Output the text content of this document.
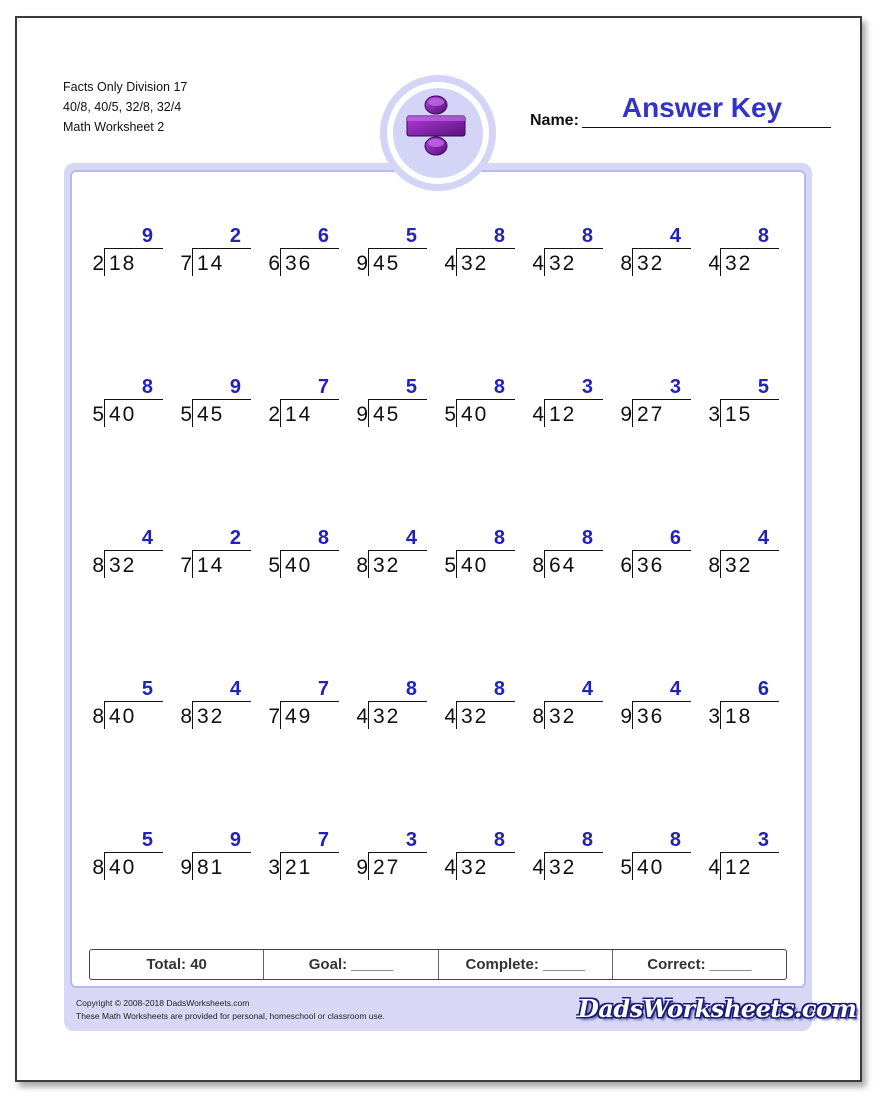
Facts Only Division 17
40/8, 40/5, 32/8, 32/4
Math Worksheet 2	Name:	Answer Key
9
2 18
2
7 14
6
6 36
5
9 45
8
4 32
8
4 32
4
8 32
8
4 32
8
5 40
9
5 45
7
2 14
5
9 45
8
5 40
3
4 12
3
9 27
5
3 15
4
8 32
2
7 14
8
5 40
4
8 32
8
5 40
8
8 64
6
6 36
4
8 32
5
8 40
4
8 32
7
7 49
8
4 32
8
4 32
4
8 32
4
9 36
6
3 18
5
8 40
9
9 81
7
3 21
3
9 27
8
4 32
8
4 32
8
5 40
3
4 12
Total: 40	Goal: _____	Complete: _____	Correct: _____
Copyright © 2008-2018 DadsWorksheets.com
These Math Worksheets are provided for personal, homeschool or classroom use.	DadsWorksheets.com
